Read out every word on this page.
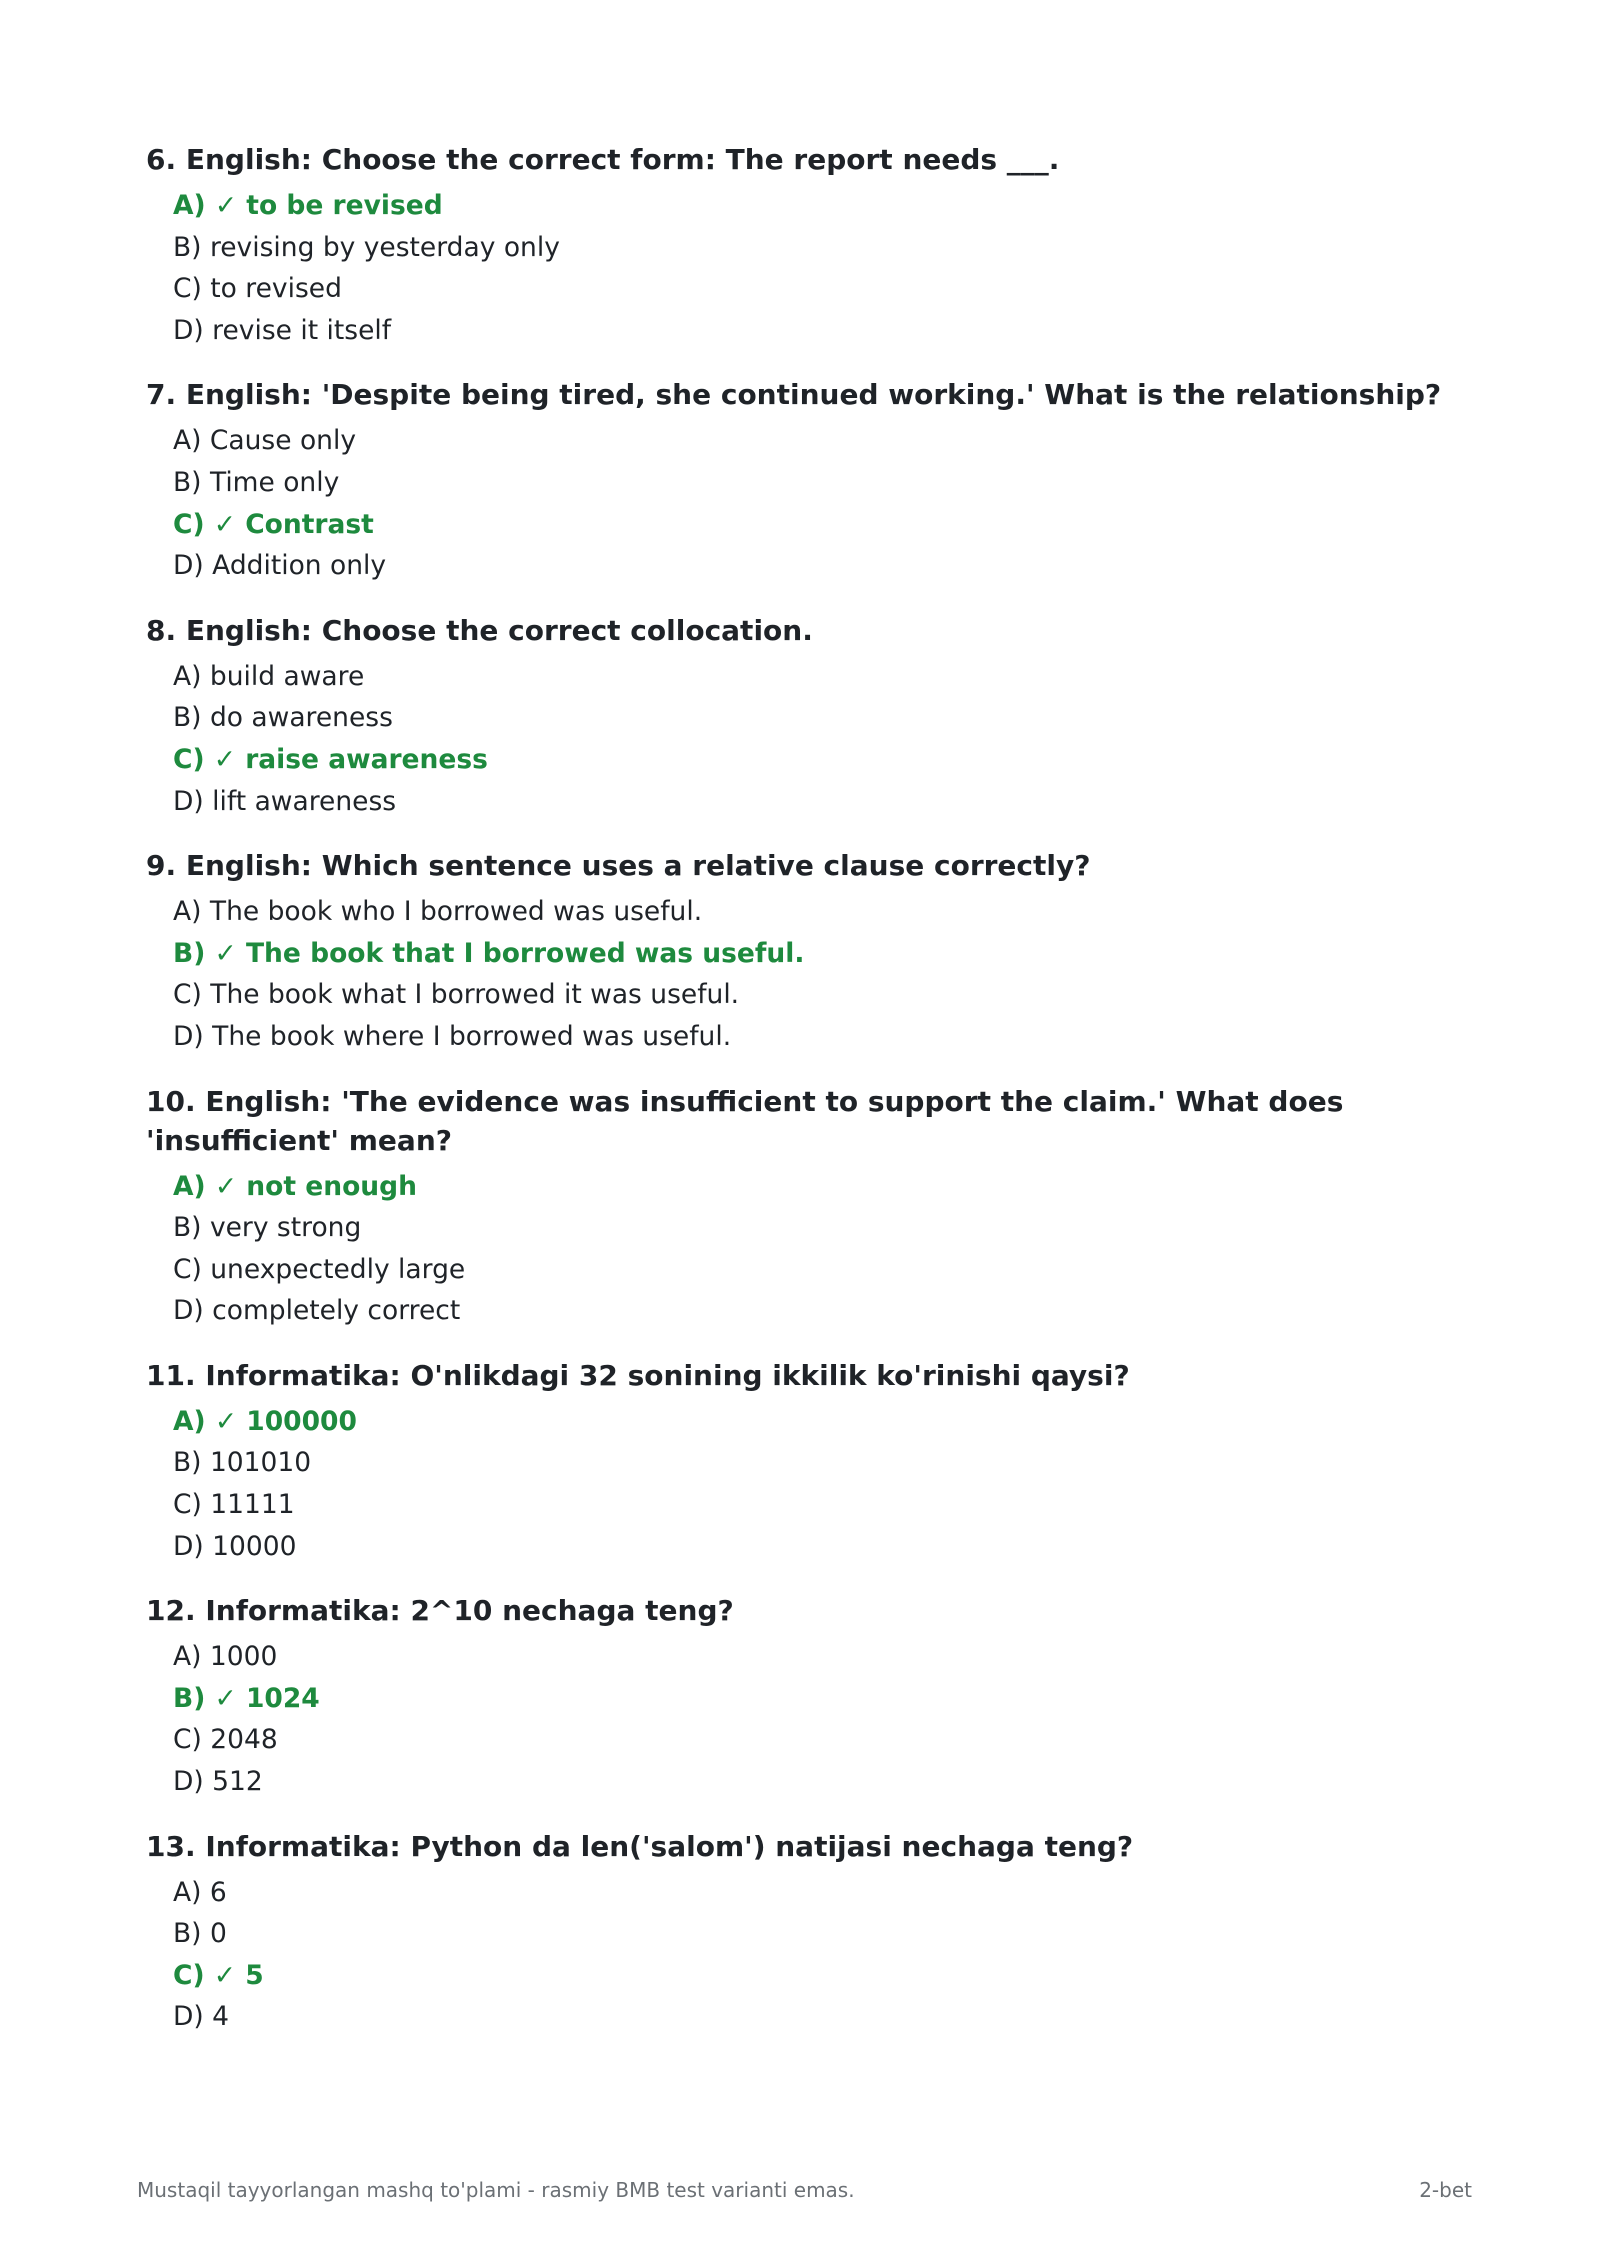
6. English: Choose the correct form: The report needs ___.
A) ✓ to be revised
B) revising by yesterday only
C) to revised
D) revise it itself
7. English: 'Despite being tired, she continued working.' What is the relationship?
A) Cause only
B) Time only
C) ✓ Contrast
D) Addition only
8. English: Choose the correct collocation.
A) build aware
B) do awareness
C) ✓ raise awareness
D) lift awareness
9. English: Which sentence uses a relative clause correctly?
A) The book who I borrowed was useful.
B) ✓ The book that I borrowed was useful.
C) The book what I borrowed it was useful.
D) The book where I borrowed was useful.
10. English: 'The evidence was insufficient to support the claim.' What does 'insufficient' mean?
A) ✓ not enough
B) very strong
C) unexpectedly large
D) completely correct
11. Informatika: O'nlikdagi 32 sonining ikkilik ko'rinishi qaysi?
A) ✓ 100000
B) 101010
C) 11111
D) 10000
12. Informatika: 2^10 nechaga teng?
A) 1000
B) ✓ 1024
C) 2048
D) 512
13. Informatika: Python da len('salom') natijasi nechaga teng?
A) 6
B) 0
C) ✓ 5
D) 4
Mustaqil tayyorlangan mashq to'plami - rasmiy BMB test varianti emas.	2-bet
